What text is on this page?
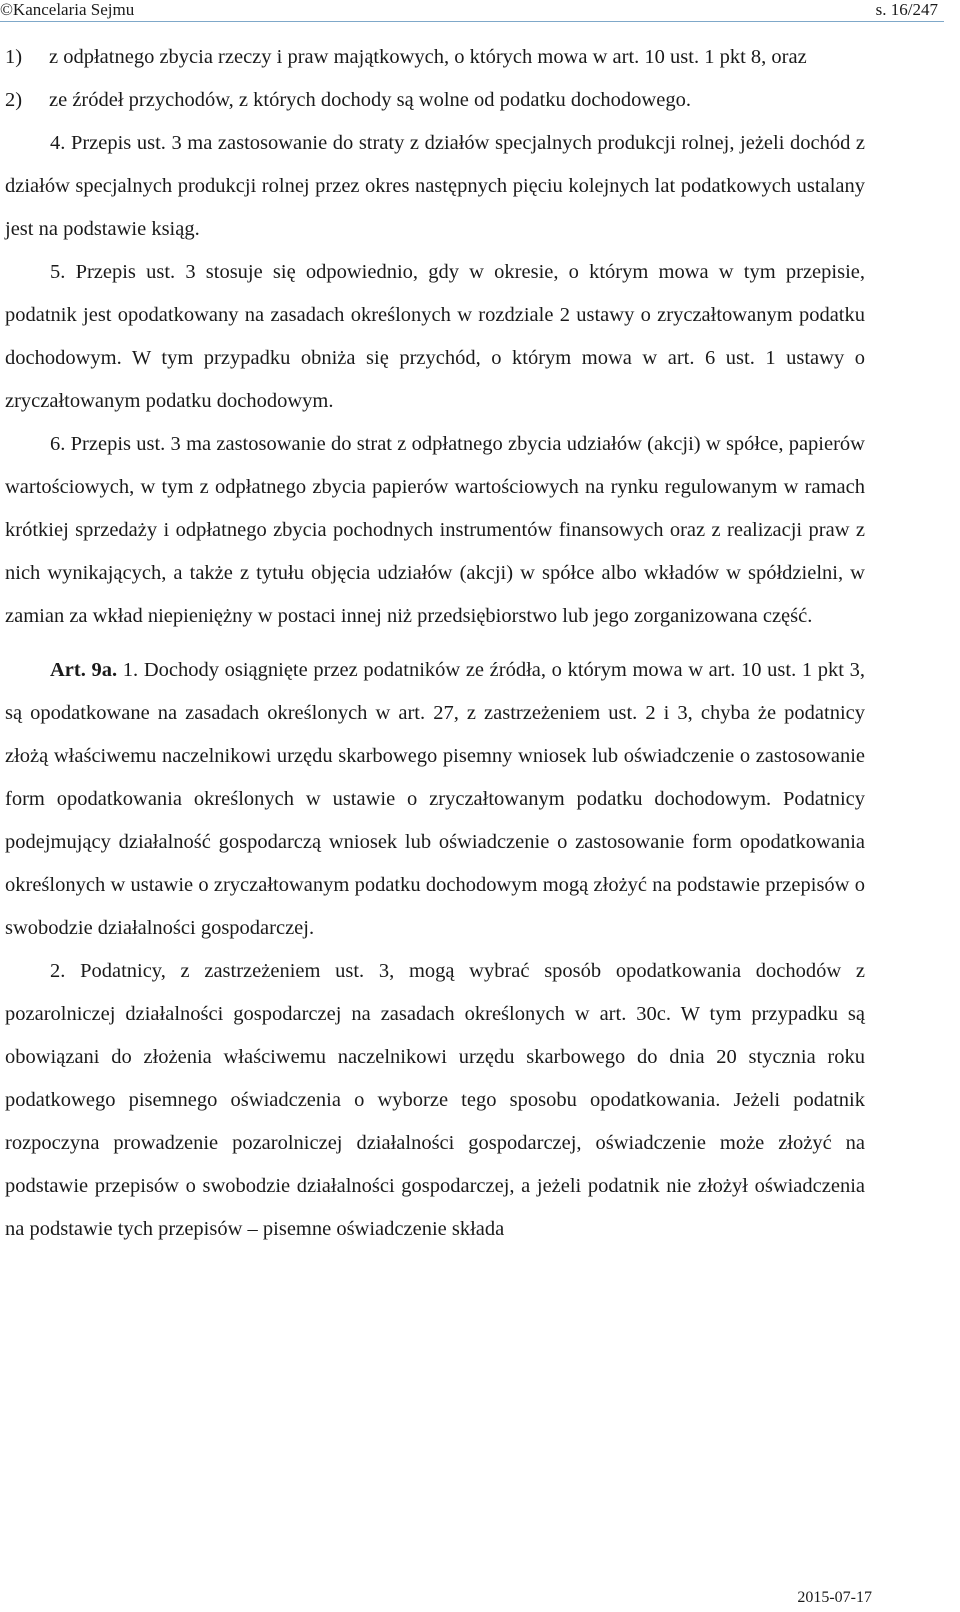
©Kancelaria Sejmu	s. 16/247
1)	z odpłatnego zbycia rzeczy i praw majątkowych, o których mowa w art. 10 ust. 1 pkt 8, oraz
2)	ze źródeł przychodów, z których dochody są wolne od podatku dochodowego.
4. Przepis ust. 3 ma zastosowanie do straty z działów specjalnych produkcji rolnej, jeżeli dochód z działów specjalnych produkcji rolnej przez okres następnych pięciu kolejnych lat podatkowych ustalany jest na podstawie ksiąg.
5. Przepis ust. 3 stosuje się odpowiednio, gdy w okresie, o którym mowa w tym przepisie, podatnik jest opodatkowany na zasadach określonych w rozdziale 2 ustawy o zryczałtowanym podatku dochodowym. W tym przypadku obniża się przychód, o którym mowa w art. 6 ust. 1 ustawy o zryczałtowanym podatku dochodowym.
6. Przepis ust. 3 ma zastosowanie do strat z odpłatnego zbycia udziałów (akcji) w spółce, papierów wartościowych, w tym z odpłatnego zbycia papierów wartościowych na rynku regulowanym w ramach krótkiej sprzedaży i odpłatnego zbycia pochodnych instrumentów finansowych oraz z realizacji praw z nich wynikających, a także z tytułu objęcia udziałów (akcji) w spółce albo wkładów w spółdzielni, w zamian za wkład niepieniężny w postaci innej niż przedsiębiorstwo lub jego zorganizowana część.
Art. 9a. 1. Dochody osiągnięte przez podatników ze źródła, o którym mowa w art. 10 ust. 1 pkt 3, są opodatkowane na zasadach określonych w art. 27, z zastrzeżeniem ust. 2 i 3, chyba że podatnicy złożą właściwemu naczelnikowi urzędu skarbowego pisemny wniosek lub oświadczenie o zastosowanie form opodatkowania określonych w ustawie o zryczałtowanym podatku dochodowym. Podatnicy podejmujący działalność gospodarczą wniosek lub oświadczenie o zastosowanie form opodatkowania określonych w ustawie o zryczałtowanym podatku dochodowym mogą złożyć na podstawie przepisów o swobodzie działalności gospodarczej.
2. Podatnicy, z zastrzeżeniem ust. 3, mogą wybrać sposób opodatkowania dochodów z pozarolniczej działalności gospodarczej na zasadach określonych w art. 30c. W tym przypadku są obowiązani do złożenia właściwemu naczelnikowi urzędu skarbowego do dnia 20 stycznia roku podatkowego pisemnego oświadczenia o wyborze tego sposobu opodatkowania. Jeżeli podatnik rozpoczyna prowadzenie pozarolniczej działalności gospodarczej, oświadczenie może złożyć na podstawie przepisów o swobodzie działalności gospodarczej, a jeżeli podatnik nie złożył oświadczenia na podstawie tych przepisów – pisemne oświadczenie składa
2015-07-17
